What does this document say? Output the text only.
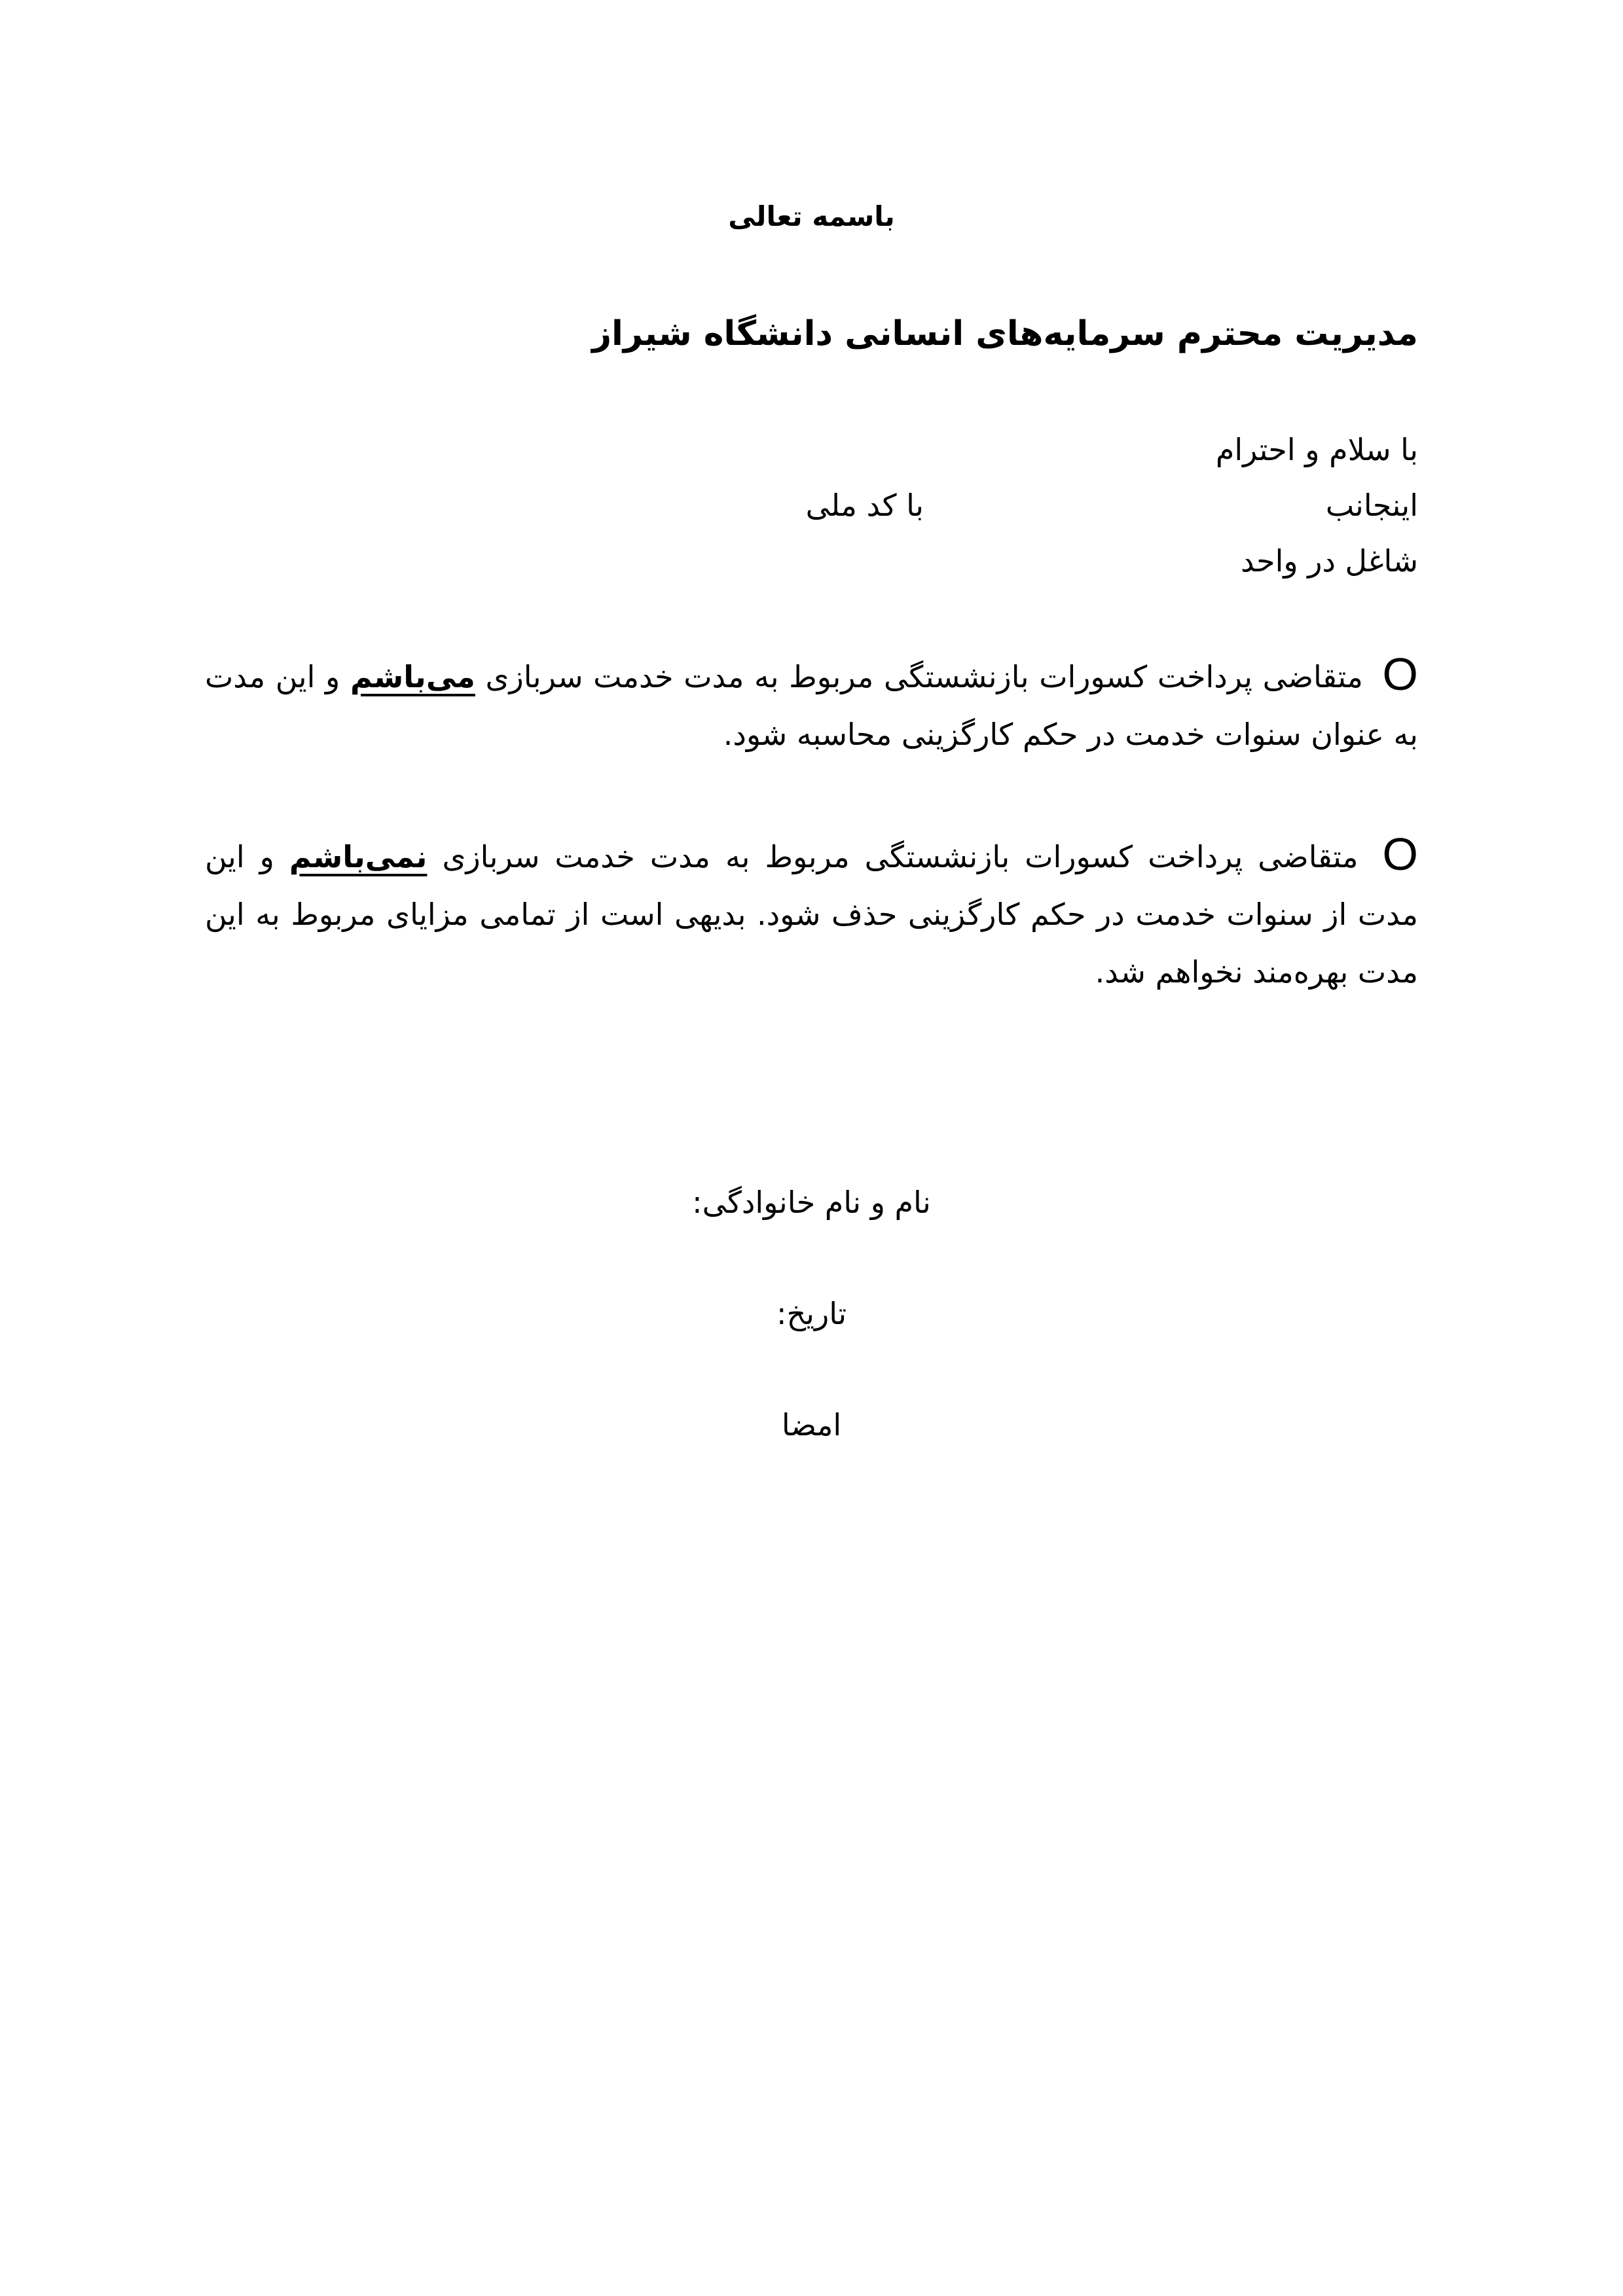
باسمه تعالی
مدیریت محترم سرمایه‌های انسانی دانشگاه شیراز
با سلام و احترام
اینجانب
با کد ملی
شاغل در واحد
O متقاضی پرداخت کسورات بازنشستگی مربوط به مدت خدمت سربازی می‌باشم و این مدت به عنوان سنوات خدمت در حکم کارگزینی محاسبه شود.
O متقاضی پرداخت کسورات بازنشستگی مربوط به مدت خدمت سربازی نمی‌باشم و این مدت از سنوات خدمت در حکم کارگزینی حذف شود. بدیهی است از تمامی مزایای مربوط به این مدت بهره‌مند نخواهم شد.
نام و نام خانوادگی:
تاریخ:
امضا
